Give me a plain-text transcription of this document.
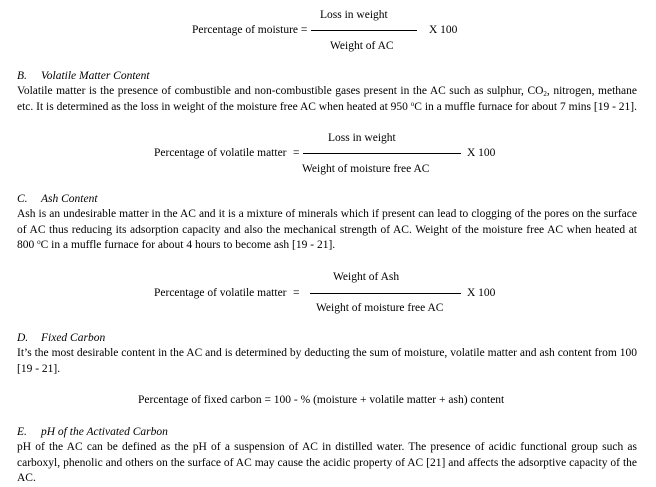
Percentage of moisture =
Loss in weight
Weight of AC
X 100
B. Volatile Matter Content
Volatile matter is the presence of combustible and non-combustible gases present in the AC such as sulphur, $CO_2$, nitrogen, methane etc. It is determined as the loss in weight of the moisture free AC when heated at 950 $^o$C in a muffle furnace for about 7 mins [19 - 21].
Percentage of volatile matter =
Loss in weight
Weight of moisture free AC
X 100
C. Ash Content
Ash is an undesirable matter in the AC and it is a mixture of minerals which if present can lead to clogging of the pores on the surface of AC thus reducing its adsorption capacity and also the mechanical strength of AC. Weight of the moisture free AC when heated at 800 $^o$C in a muffle furnace for about 4 hours to become ash [19 - 21].
Percentage of volatile matter =
Weight of Ash
Weight of moisture free AC
X 100
D. Fixed Carbon
It’s the most desirable content in the AC and is determined by deducting the sum of moisture, volatile matter and ash content from 100 [19 - 21].
Percentage of fixed carbon = 100 - % (moisture + volatile matter + ash) content
E. pH of the Activated Carbon
pH of the AC can be defined as the pH of a suspension of AC in distilled water. The presence of acidic functional group such as carboxyl, phenolic and others on the surface of AC may cause the acidic property of AC [21] and affects the adsorptive capacity of the AC.
